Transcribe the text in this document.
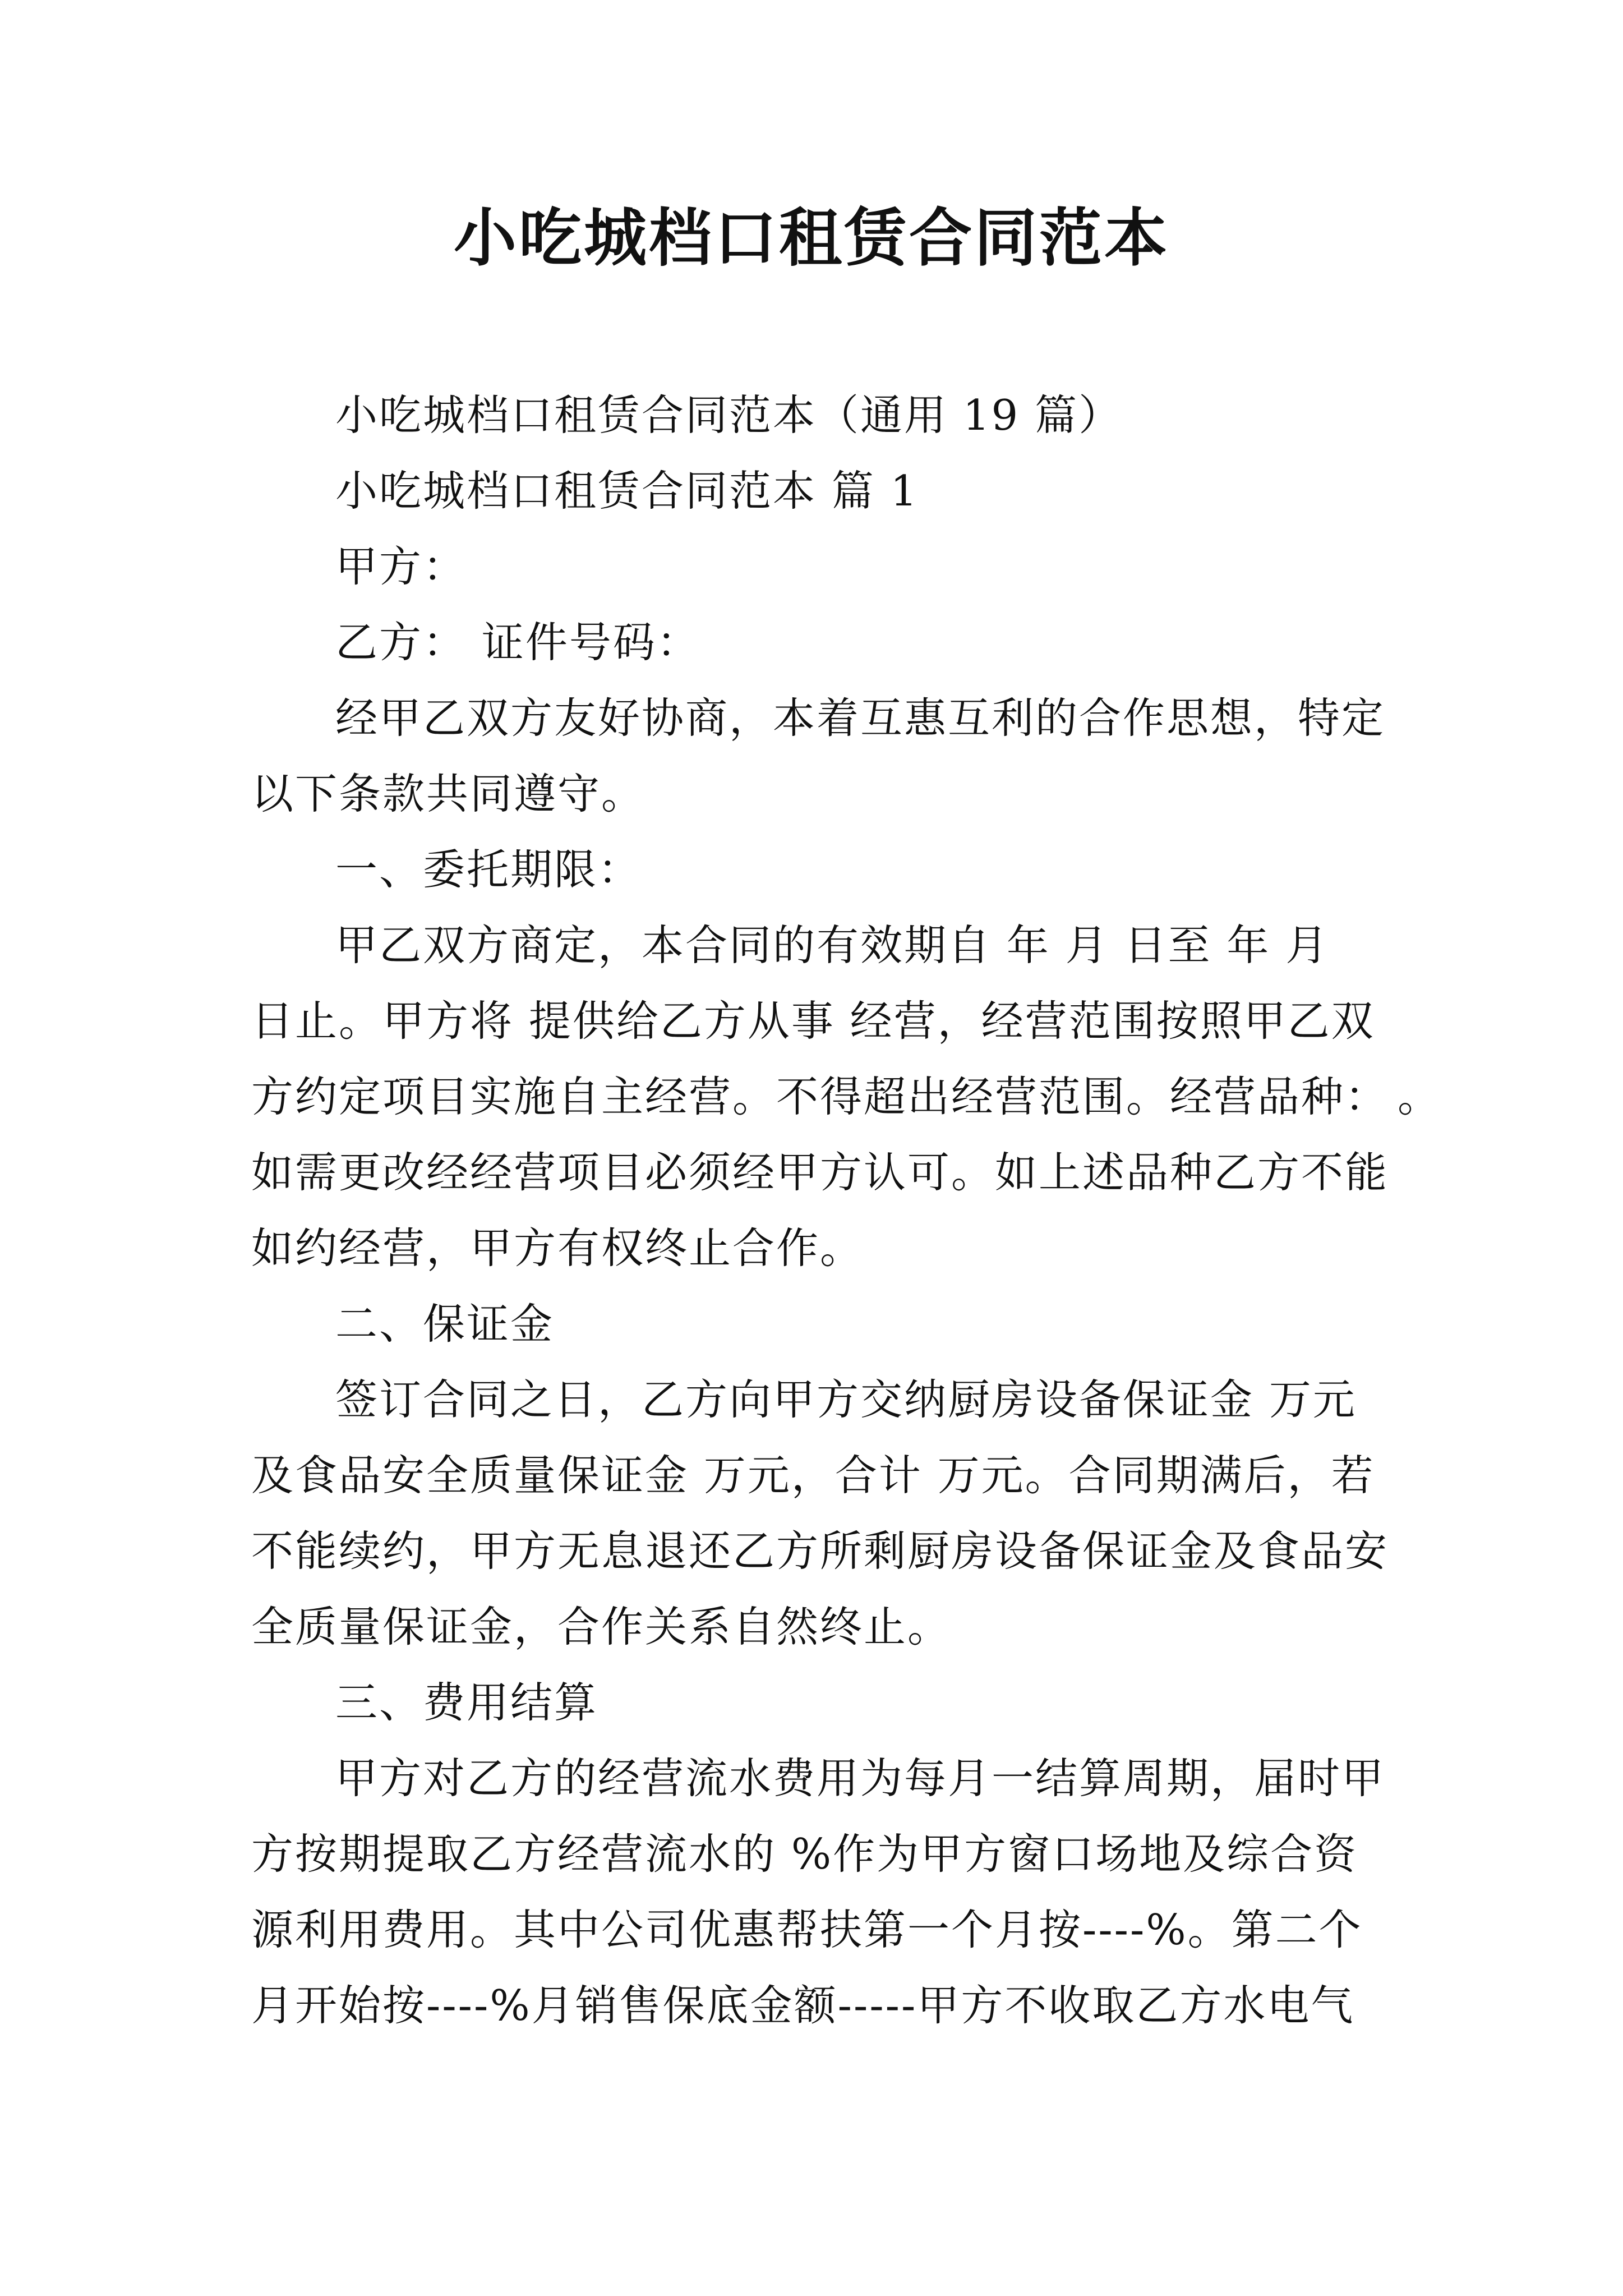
小吃城档口租赁合同范本
小吃城档口租赁合同范本（通用 19 篇）
小吃城档口租赁合同范本 篇 1
甲方：
乙方： 证件号码：
经甲乙双方友好协商，本着互惠互利的合作思想，特定
以下条款共同遵守。
一、委托期限：
甲乙双方商定，本合同的有效期自 年 月 日至 年 月
日止。甲方将 提供给乙方从事 经营，经营范围按照甲乙双
方约定项目实施自主经营。不得超出经营范围。经营品种： 。
如需更改经经营项目必须经甲方认可。如上述品种乙方不能
如约经营，甲方有权终止合作。
二、保证金
签订合同之日，乙方向甲方交纳厨房设备保证金 万元
及食品安全质量保证金 万元，合计 万元。合同期满后，若
不能续约，甲方无息退还乙方所剩厨房设备保证金及食品安
全质量保证金，合作关系自然终止。
三、费用结算
甲方对乙方的经营流水费用为每月一结算周期，届时甲
方按期提取乙方经营流水的 %作为甲方窗口场地及综合资
源利用费用。其中公司优惠帮扶第一个月按----%。第二个
月开始按----%月销售保底金额-----甲方不收取乙方水电气
